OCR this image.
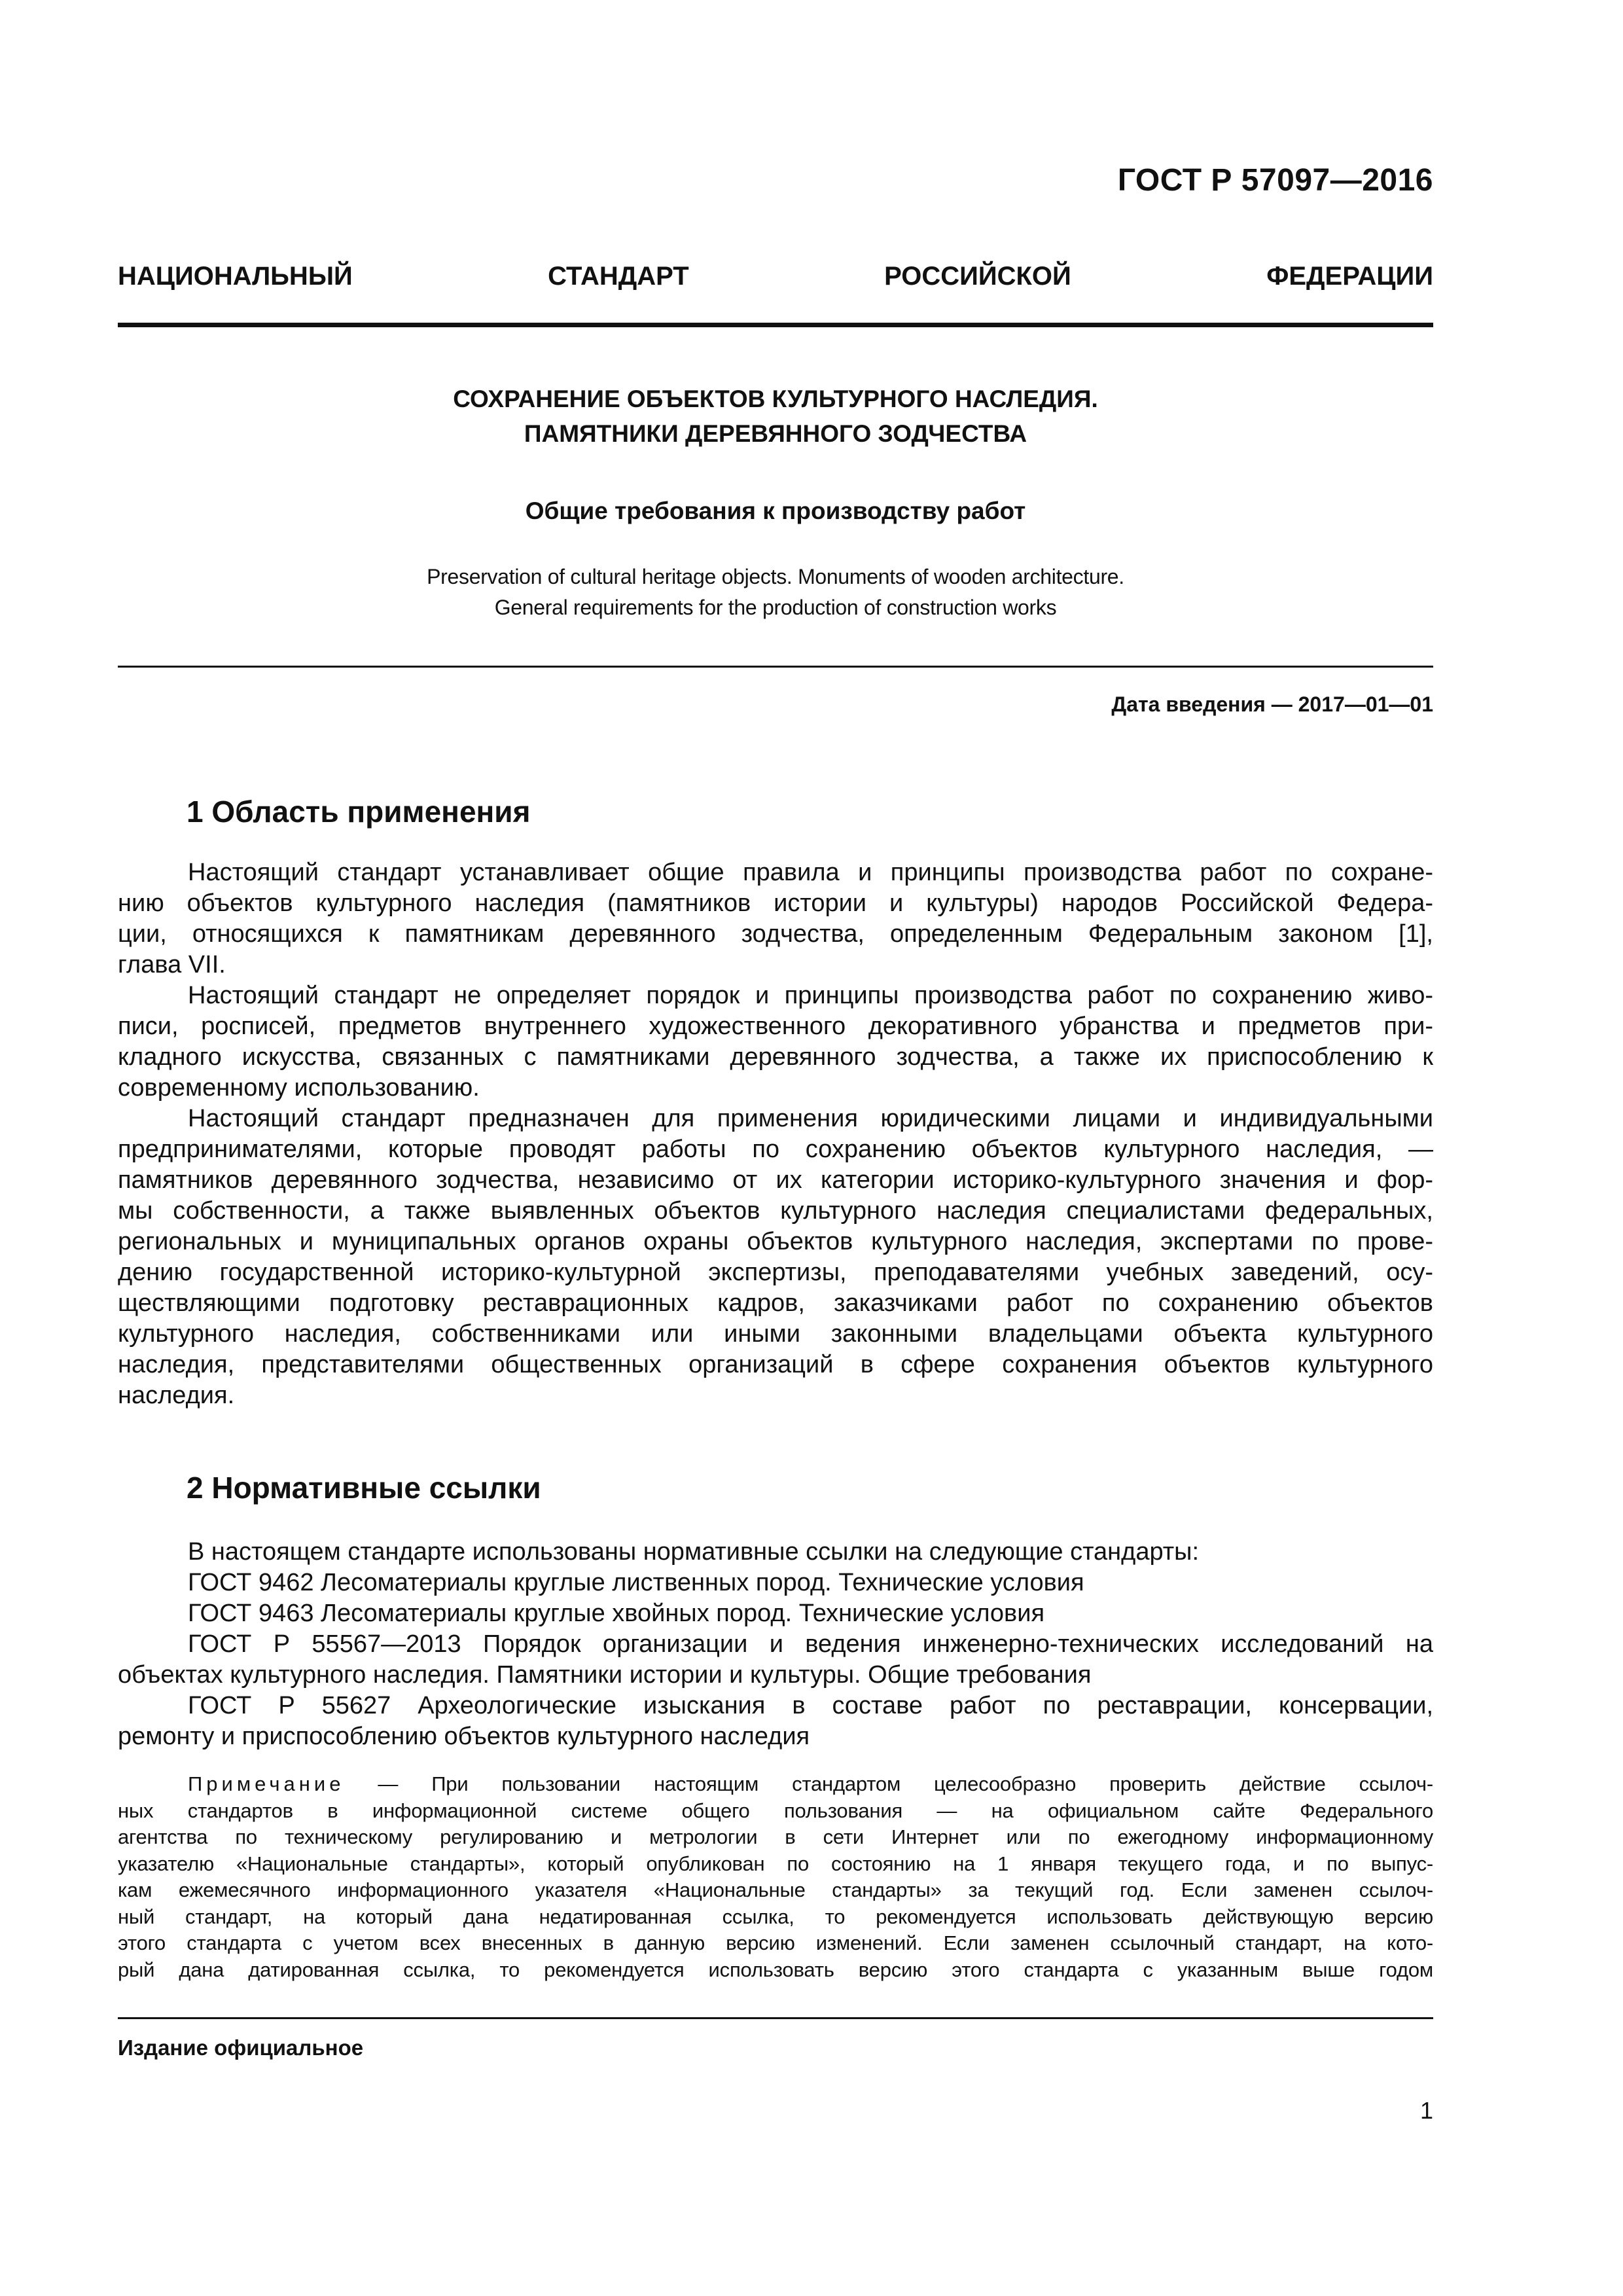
ГОСТ Р 57097—2016
НАЦИОНАЛЬНЫЙ	СТАНДАРТ	РОССИЙСКОЙ	ФЕДЕРАЦИИ
СОХРАНЕНИЕ ОБЪЕКТОВ КУЛЬТУРНОГО НАСЛЕДИЯ.
ПАМЯТНИКИ ДЕРЕВЯННОГО ЗОДЧЕСТВА
Общие требования к производству работ
Preservation of cultural heritage objects. Monuments of wooden architecture.
General requirements for the production of construction works
Дата введения — 2017—01—01
1 Область применения
Настоящий стандарт устанавливает общие правила и принципы производства работ по сохране-
нию объектов культурного наследия (памятников истории и культуры) народов Российской Федера-
ции, относящихся к памятникам деревянного зодчества, определенным Федеральным законом [1],
глава VII.
Настоящий стандарт не определяет порядок и принципы производства работ по сохранению живо-
писи, росписей, предметов внутреннего художественного декоративного убранства и предметов при-
кладного искусства, связанных с памятниками деревянного зодчества, а также их приспособлению к
современному использованию.
Настоящий стандарт предназначен для применения юридическими лицами и индивидуальными
предпринимателями, которые проводят работы по сохранению объектов культурного наследия, —
памятников деревянного зодчества, независимо от их категории историко-культурного значения и фор-
мы собственности, а также выявленных объектов культурного наследия специалистами федеральных,
региональных и муниципальных органов охраны объектов культурного наследия, экспертами по прове-
дению государственной историко-культурной экспертизы, преподавателями учебных заведений, осу-
ществляющими подготовку реставрационных кадров, заказчиками работ по сохранению объектов
культурного наследия, собственниками или иными законными владельцами объекта культурного
наследия, представителями общественных организаций в сфере сохранения объектов культурного
наследия.
2 Нормативные ссылки
В настоящем стандарте использованы нормативные ссылки на следующие стандарты:
ГОСТ 9462 Лесоматериалы круглые лиственных пород. Технические условия
ГОСТ 9463 Лесоматериалы круглые хвойных пород. Технические условия
ГОСТ Р 55567—2013 Порядок организации и ведения инженерно-технических исследований на
объектах культурного наследия. Памятники истории и культуры. Общие требования
ГОСТ Р 55627 Археологические изыскания в составе работ по реставрации, консервации,
ремонту и приспособлению объектов культурного наследия
Примечание — При пользовании настоящим стандартом целесообразно проверить действие ссылоч-
ных стандартов в информационной системе общего пользования — на официальном сайте Федерального
агентства по техническому регулированию и метрологии в сети Интернет или по ежегодному информационному
указателю «Национальные стандарты», который опубликован по состоянию на 1 января текущего года, и по выпус-
кам ежемесячного информационного указателя «Национальные стандарты» за текущий год. Если заменен ссылоч-
ный стандарт, на который дана недатированная ссылка, то рекомендуется использовать действующую версию
этого стандарта с учетом всех внесенных в данную версию изменений. Если заменен ссылочный стандарт, на кото-
рый дана датированная ссылка, то рекомендуется использовать версию этого стандарта с указанным выше годом
Издание официальное
1
